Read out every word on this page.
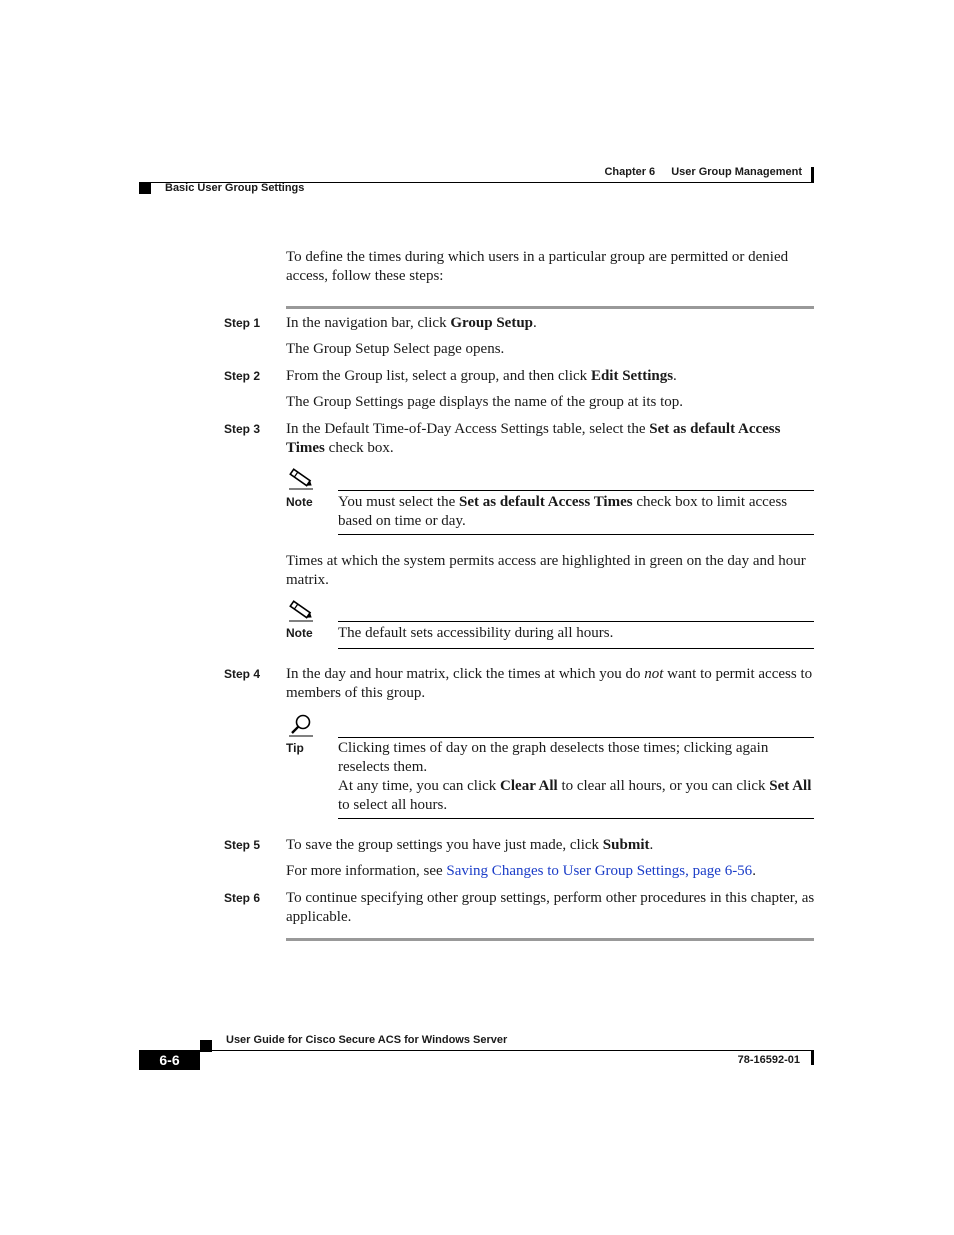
Chapter 6 User Group Management
Basic User Group Settings
To define the times during which users in a particular group are permitted or denied access, follow these steps:
Step 1 In the navigation bar, click Group Setup.
The Group Setup Select page opens.
Step 2 From the Group list, select a group, and then click Edit Settings.
The Group Settings page displays the name of the group at its top.
Step 3 In the Default Time-of-Day Access Settings table, select the Set as default Access Times check box.
Note You must select the Set as default Access Times check box to limit access based on time or day.
Times at which the system permits access are highlighted in green on the day and hour matrix.
Note The default sets accessibility during all hours.
Step 4 In the day and hour matrix, click the times at which you do not want to permit access to members of this group.
Tip Clicking times of day on the graph deselects those times; clicking again reselects them.
At any time, you can click Clear All to clear all hours, or you can click Set All to select all hours.
Step 5 To save the group settings you have just made, click Submit.
For more information, see Saving Changes to User Group Settings, page 6-56.
Step 6 To continue specifying other group settings, perform other procedures in this chapter, as applicable.
User Guide for Cisco Secure ACS for Windows Server
6-6	78-16592-01
